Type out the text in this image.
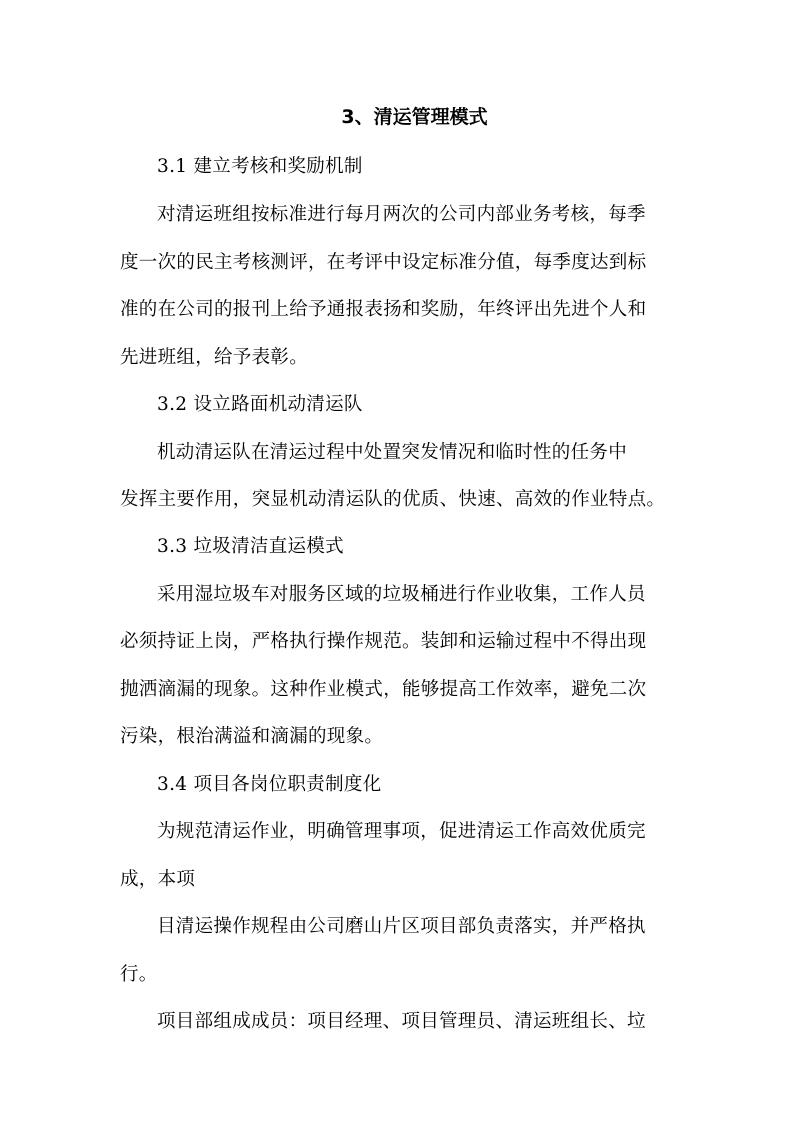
3、清运管理模式
3.1 建立考核和奖励机制
对清运班组按标准进行每月两次的公司内部业务考核，每季
度一次的民主考核测评，在考评中设定标准分值，每季度达到标
准的在公司的报刊上给予通报表扬和奖励，年终评出先进个人和
先进班组，给予表彰。
3.2 设立路面机动清运队
机动清运队在清运过程中处置突发情况和临时性的任务中
发挥主要作用，突显机动清运队的优质、快速、高效的作业特点。
3.3 垃圾清洁直运模式
采用湿垃圾车对服务区域的垃圾桶进行作业收集，工作人员
必须持证上岗，严格执行操作规范。装卸和运输过程中不得出现
抛洒滴漏的现象。这种作业模式，能够提高工作效率，避免二次
污染，根治满溢和滴漏的现象。
3.4 项目各岗位职责制度化
为规范清运作业，明确管理事项，促进清运工作高效优质完
成，本项
目清运操作规程由公司磨山片区项目部负责落实，并严格执
行。
项目部组成成员：项目经理、项目管理员、清运班组长、垃
